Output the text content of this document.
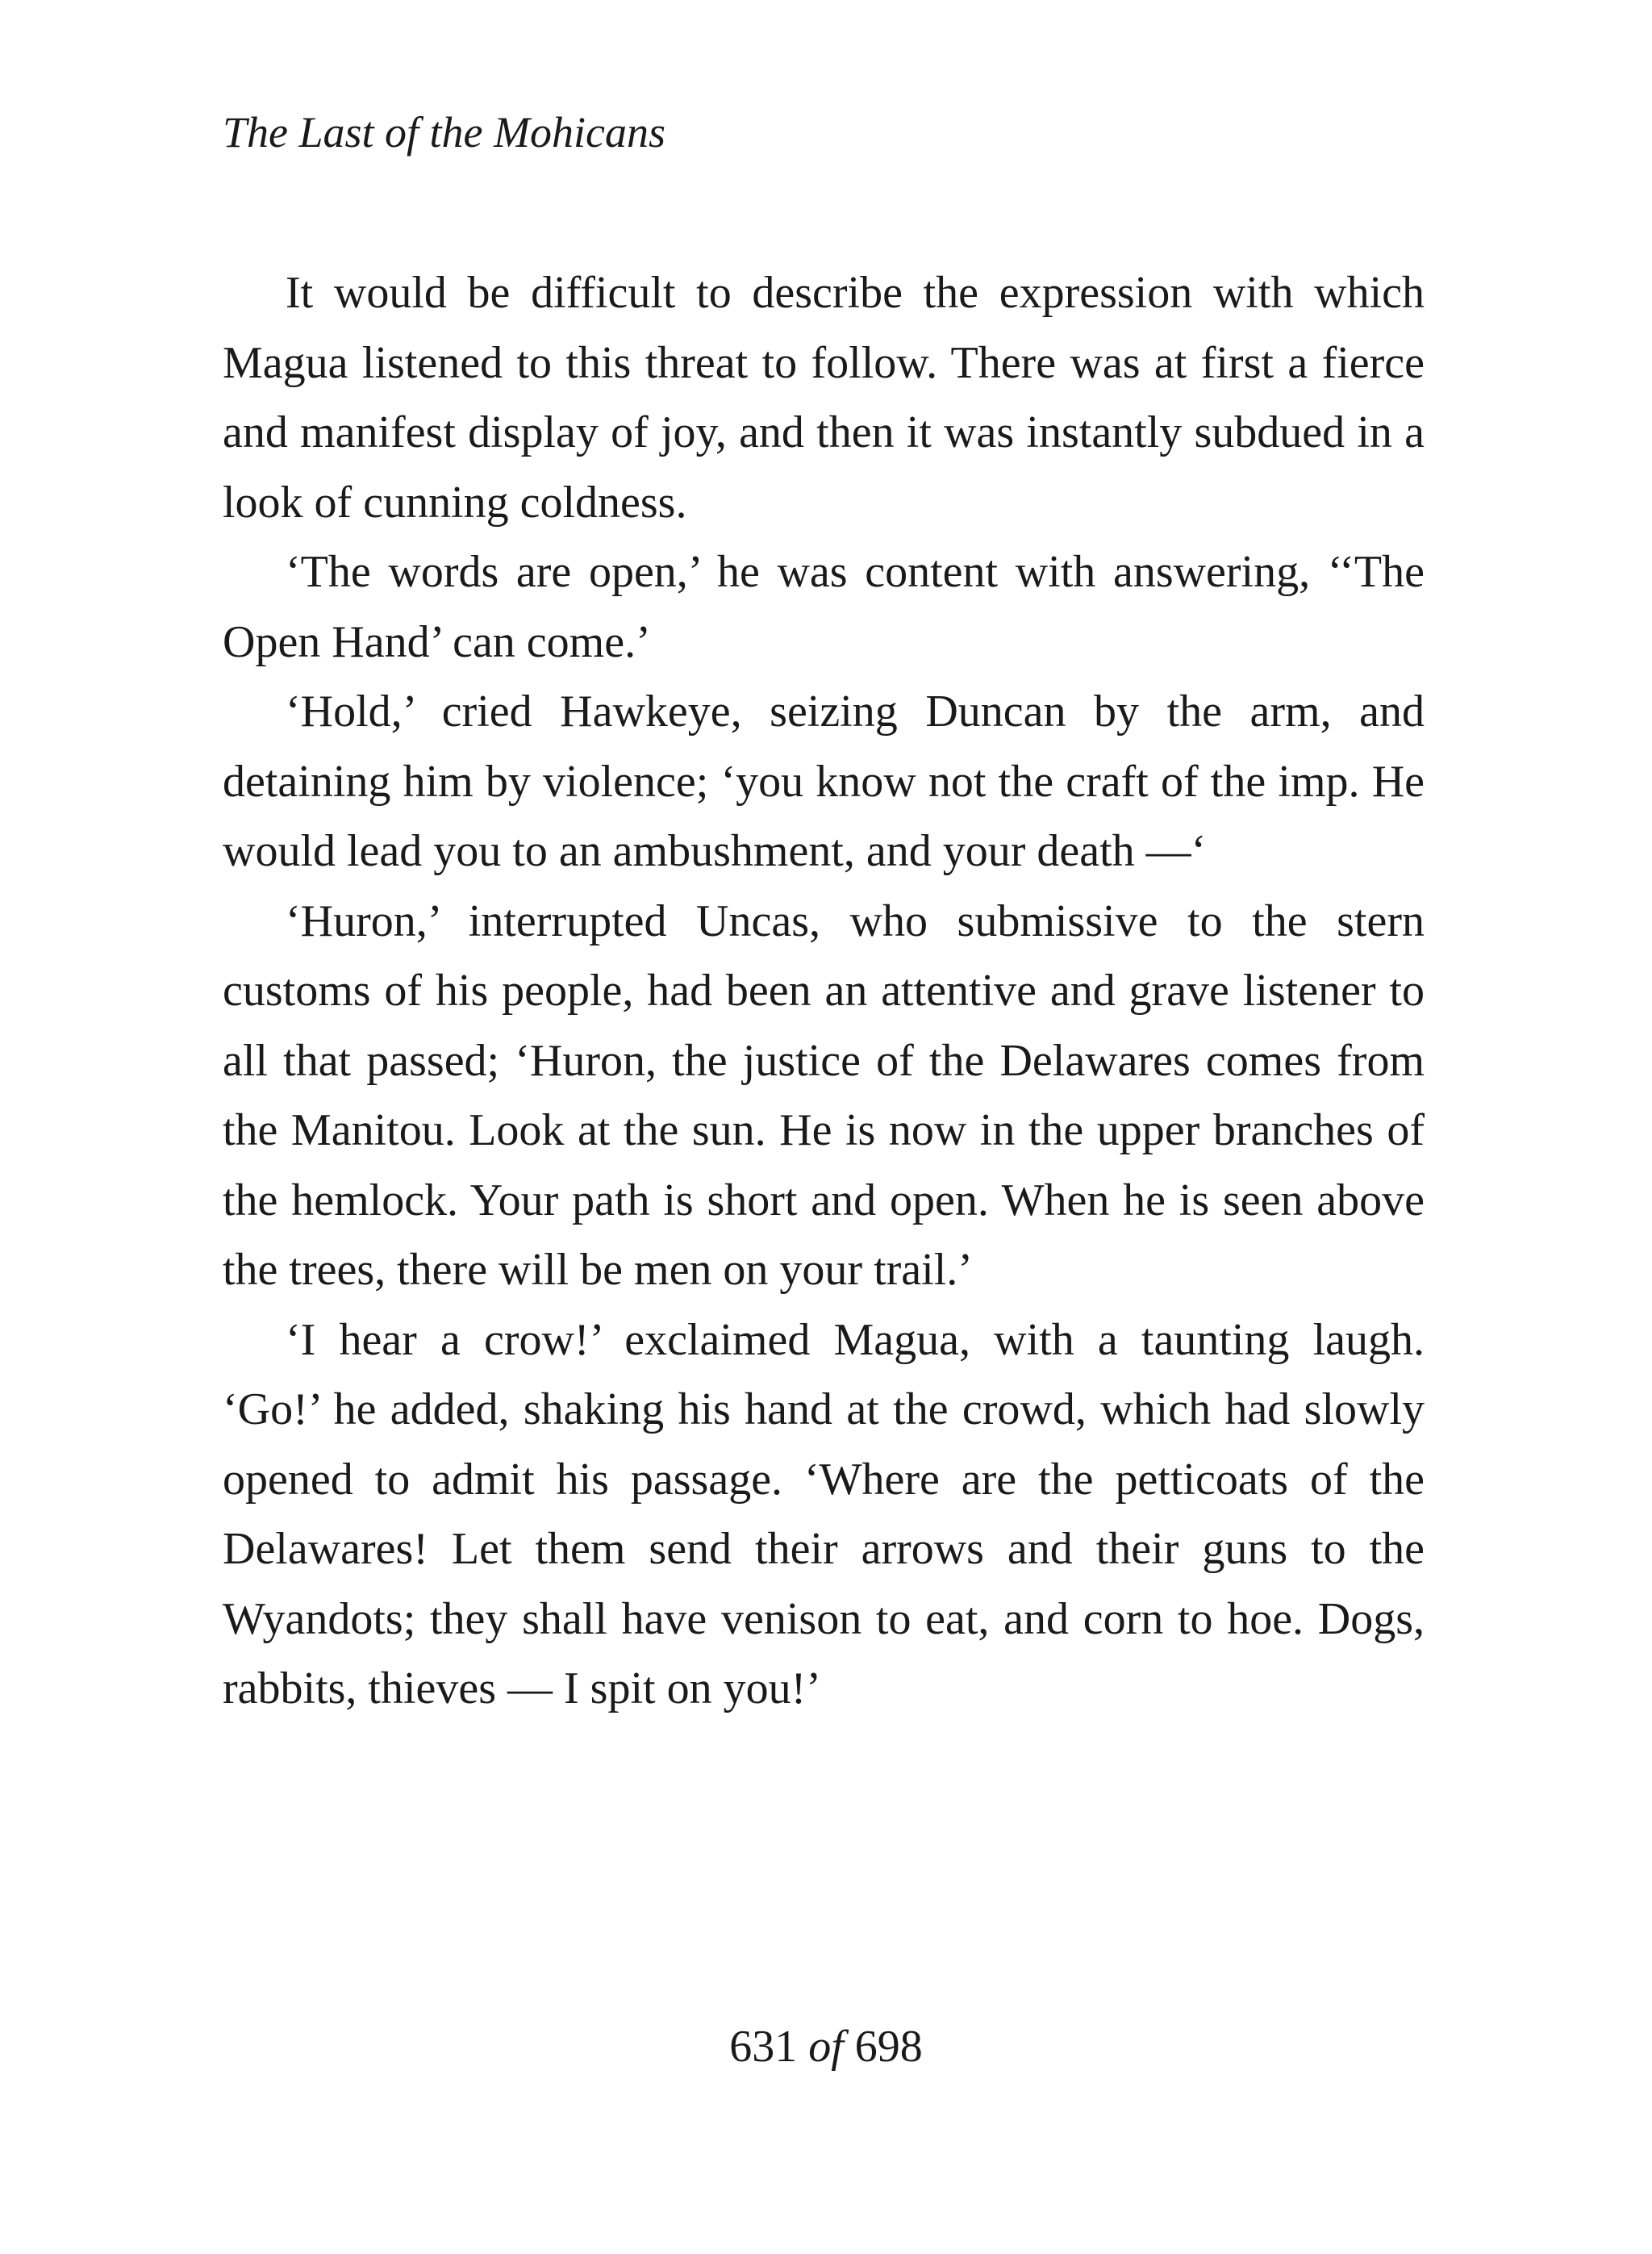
The Last of the Mohicans

It would be difficult to describe the expression with which Magua listened to this threat to follow. There was at first a fierce and manifest display of joy, and then it was instantly subdued in a look of cunning coldness.

‘The words are open,’ he was content with answering, ‘‘The Open Hand’ can come.’

‘Hold,’ cried Hawkeye, seizing Duncan by the arm, and detaining him by violence; ‘you know not the craft of the imp. He would lead you to an ambushment, and your death —‘

‘Huron,’ interrupted Uncas, who submissive to the stern customs of his people, had been an attentive and grave listener to all that passed; ‘Huron, the justice of the Delawares comes from the Manitou. Look at the sun. He is now in the upper branches of the hemlock. Your path is short and open. When he is seen above the trees, there will be men on your trail.’

‘I hear a crow!’ exclaimed Magua, with a taunting laugh. ‘Go!’ he added, shaking his hand at the crowd, which had slowly opened to admit his passage. ‘Where are the petticoats of the Delawares! Let them send their arrows and their guns to the Wyandots; they shall have venison to eat, and corn to hoe. Dogs, rabbits, thieves — I spit on you!’

631 of 698
